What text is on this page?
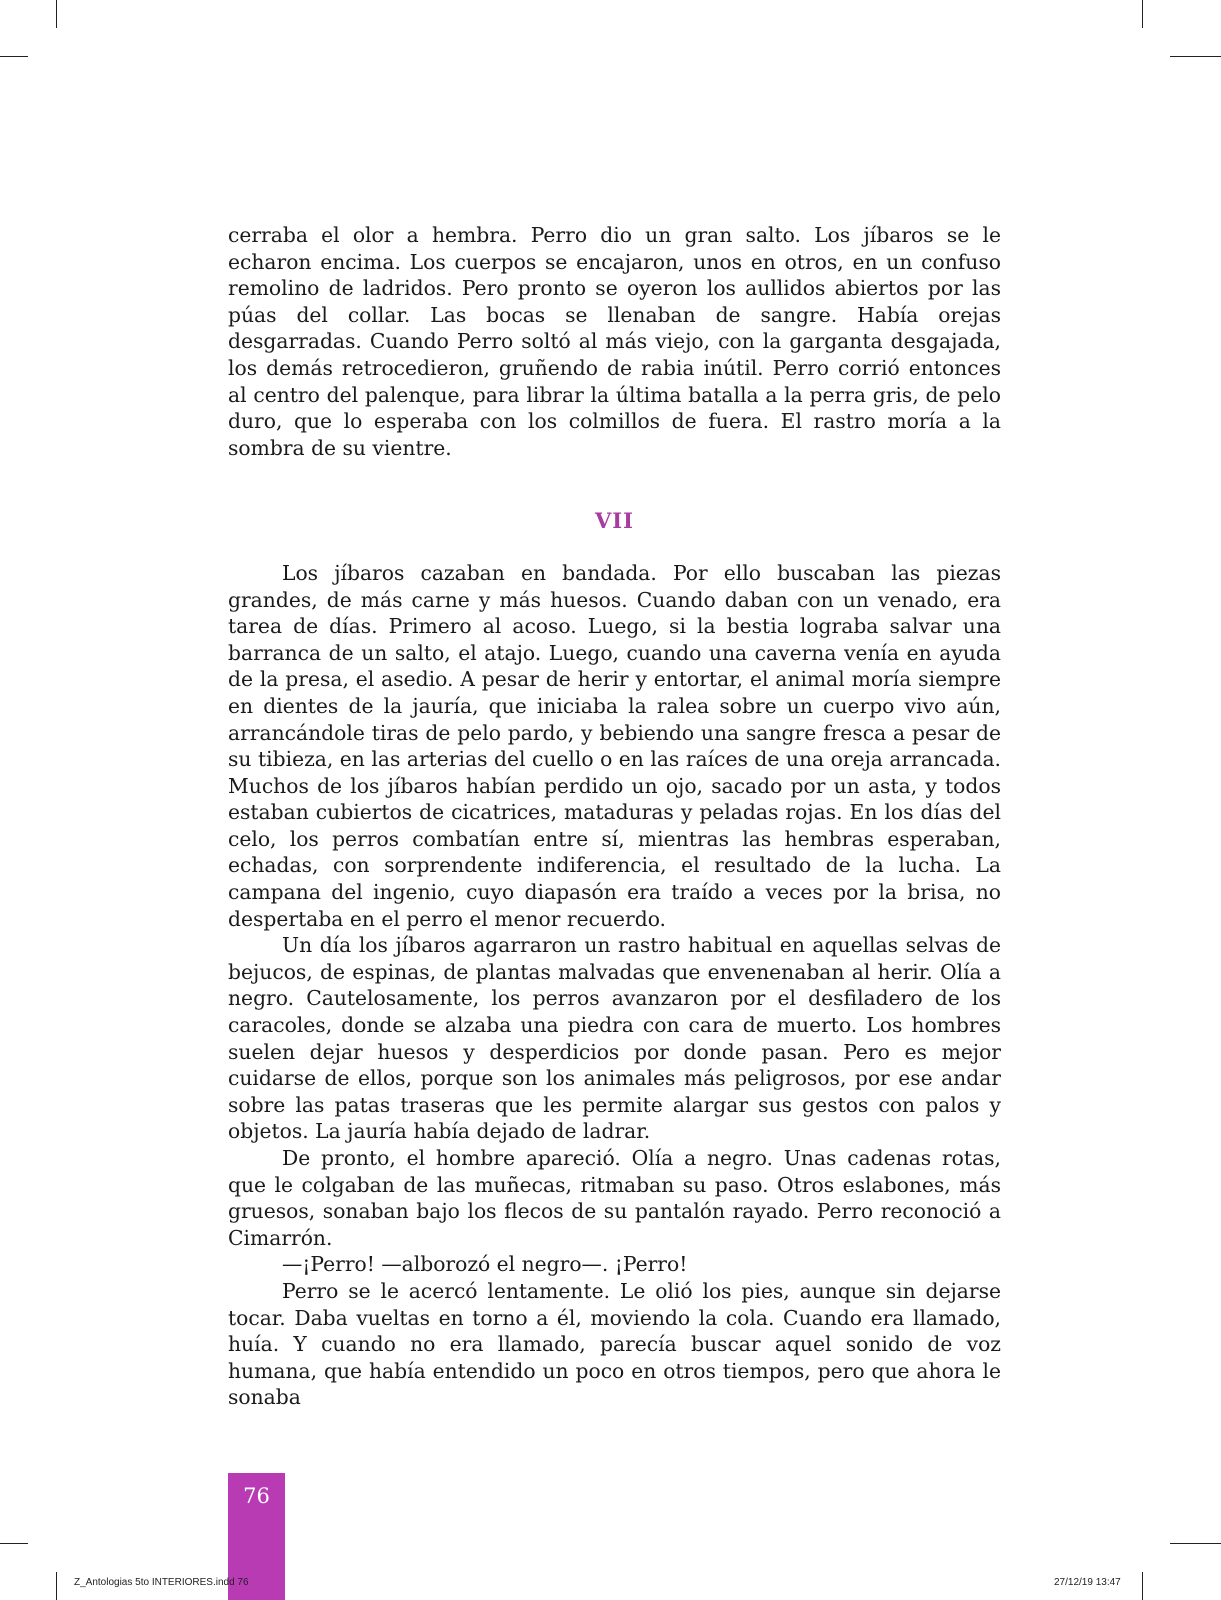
cerraba el olor a hembra. Perro dio un gran salto. Los jíbaros se le echaron encima. Los cuerpos se encajaron, unos en otros, en un confuso remolino de ladridos. Pero pronto se oyeron los aullidos abiertos por las púas del collar. Las bocas se llenaban de sangre. Había orejas desgarradas. Cuando Perro soltó al más viejo, con la garganta desgajada, los demás retrocedieron, gruñendo de rabia inútil. Perro corrió entonces al centro del palenque, para librar la última batalla a la perra gris, de pelo duro, que lo esperaba con los colmillos de fuera. El rastro moría a la sombra de su vientre.

VII

Los jíbaros cazaban en bandada. Por ello buscaban las piezas grandes, de más carne y más huesos. Cuando daban con un venado, era tarea de días. Primero al acoso. Luego, si la bestia lograba salvar una barranca de un salto, el atajo. Luego, cuando una caverna venía en ayuda de la presa, el asedio. A pesar de herir y entortar, el animal moría siempre en dientes de la jauría, que iniciaba la ralea sobre un cuerpo vivo aún, arrancándole tiras de pelo pardo, y bebiendo una sangre fresca a pesar de su tibieza, en las arterias del cuello o en las raíces de una oreja arrancada. Muchos de los jíbaros habían perdido un ojo, sacado por un asta, y todos estaban cubiertos de cicatrices, mataduras y peladas rojas. En los días del celo, los perros combatían entre sí, mientras las hembras esperaban, echadas, con sorprendente indiferencia, el resultado de la lucha. La campana del ingenio, cuyo diapasón era traído a veces por la brisa, no despertaba en el perro el menor recuerdo.

Un día los jíbaros agarraron un rastro habitual en aquellas selvas de bejucos, de espinas, de plantas malvadas que envenenaban al herir. Olía a negro. Cautelosamente, los perros avanzaron por el desfiladero de los caracoles, donde se alzaba una piedra con cara de muerto. Los hombres suelen dejar huesos y desperdicios por donde pasan. Pero es mejor cuidarse de ellos, porque son los animales más peligrosos, por ese andar sobre las patas traseras que les permite alargar sus gestos con palos y objetos. La jauría había dejado de ladrar.

De pronto, el hombre apareció. Olía a negro. Unas cadenas rotas, que le colgaban de las muñecas, ritmaban su paso. Otros eslabones, más gruesos, sonaban bajo los flecos de su pantalón rayado. Perro reconoció a Cimarrón.

—¡Perro! —alborozó el negro—. ¡Perro!

Perro se le acercó lentamente. Le olió los pies, aunque sin dejarse tocar. Daba vueltas en torno a él, moviendo la cola. Cuando era llamado, huía. Y cuando no era llamado, parecía buscar aquel sonido de voz humana, que había entendido un poco en otros tiempos, pero que ahora le sonaba

76
Z_Antologias 5to INTERIORES.indd 76	27/12/19 13:47
